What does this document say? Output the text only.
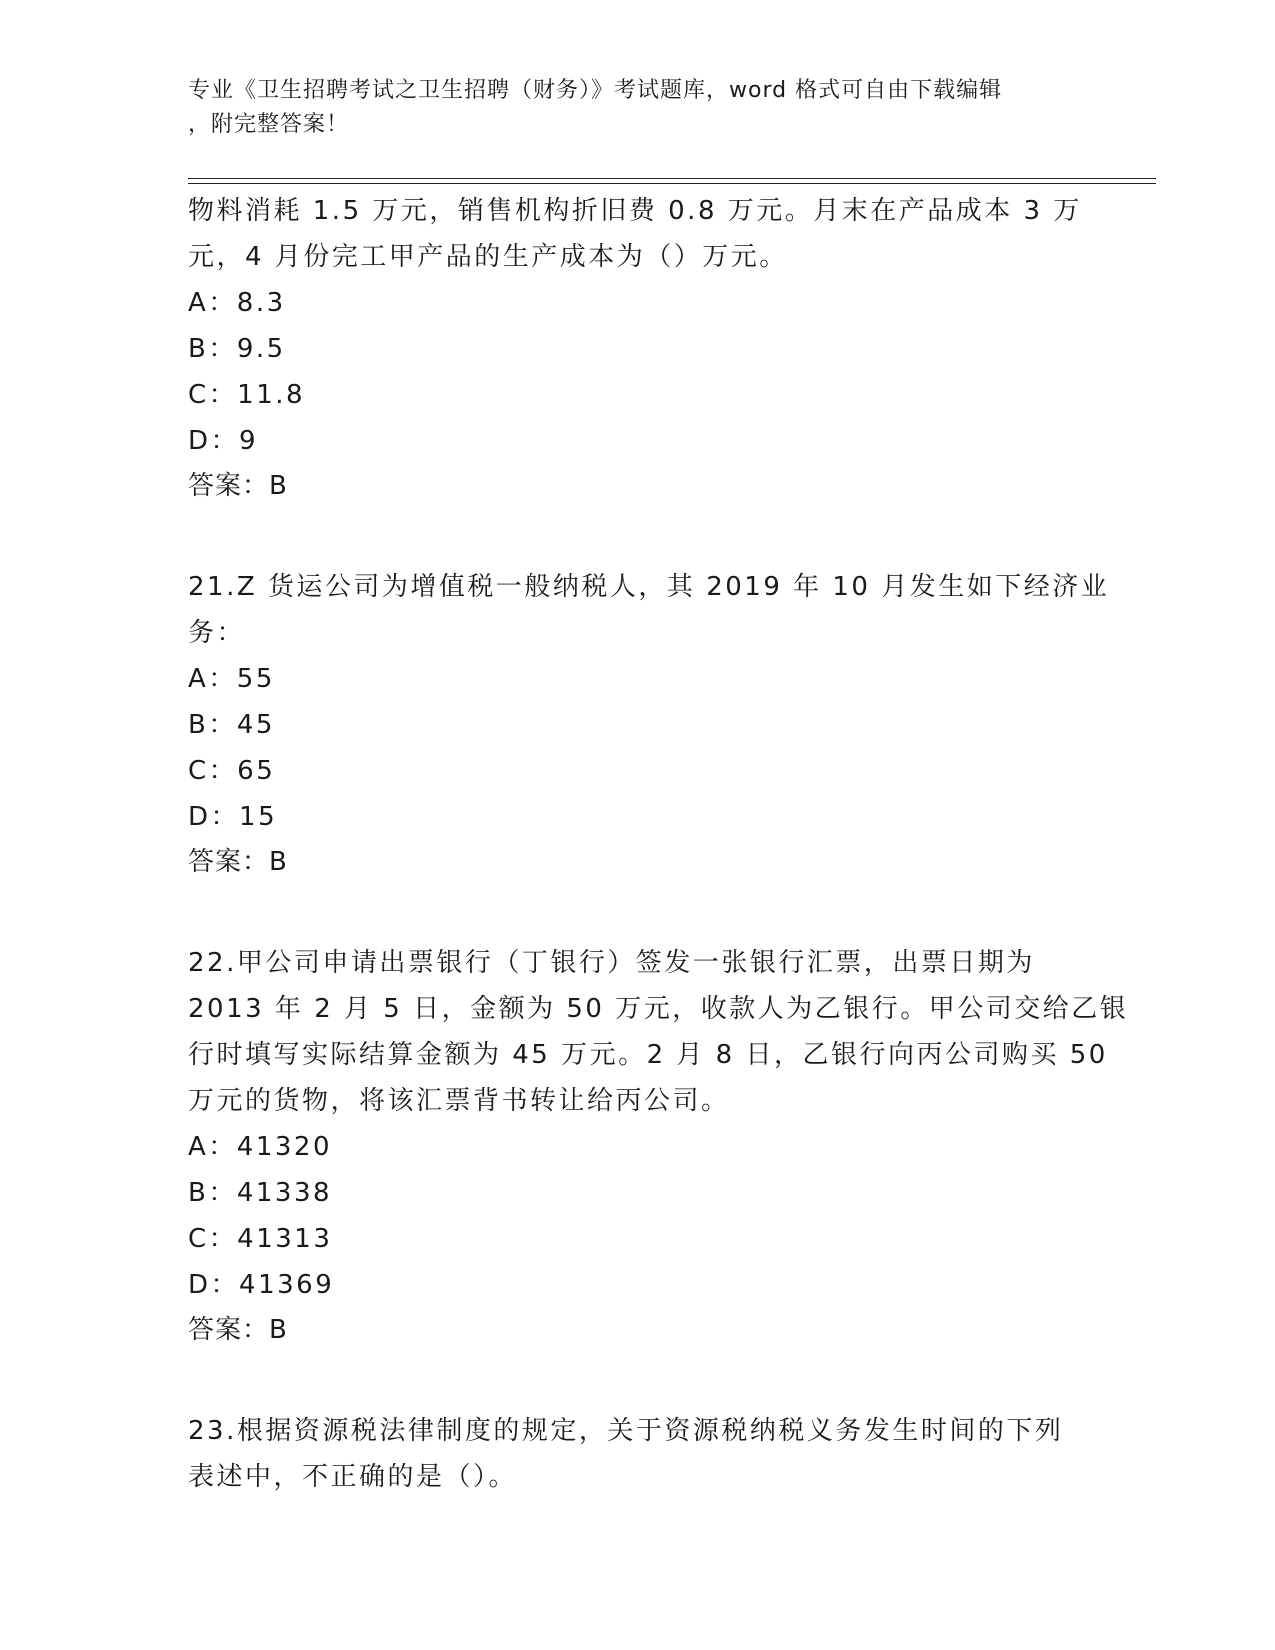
专业《卫生招聘考试之卫生招聘（财务）》考试题库，word 格式可自由下载编辑
，附完整答案！
物料消耗 1.5 万元，销售机构折旧费 0.8 万元。月末在产品成本 3 万
元，4 月份完工甲产品的生产成本为（）万元。
A：8.3
B：9.5
C：11.8
D：9
答案：B
21.Z 货运公司为增值税一般纳税人，其 2019 年 10 月发生如下经济业
务：
A：55
B：45
C：65
D：15
答案：B
22.甲公司申请出票银行（丁银行）签发一张银行汇票，出票日期为
2013 年 2 月 5 日，金额为 50 万元，收款人为乙银行。甲公司交给乙银
行时填写实际结算金额为 45 万元。2 月 8 日，乙银行向丙公司购买 50
万元的货物，将该汇票背书转让给丙公司。
A：41320
B：41338
C：41313
D：41369
答案：B
23.根据资源税法律制度的规定，关于资源税纳税义务发生时间的下列
表述中，不正确的是（）。
